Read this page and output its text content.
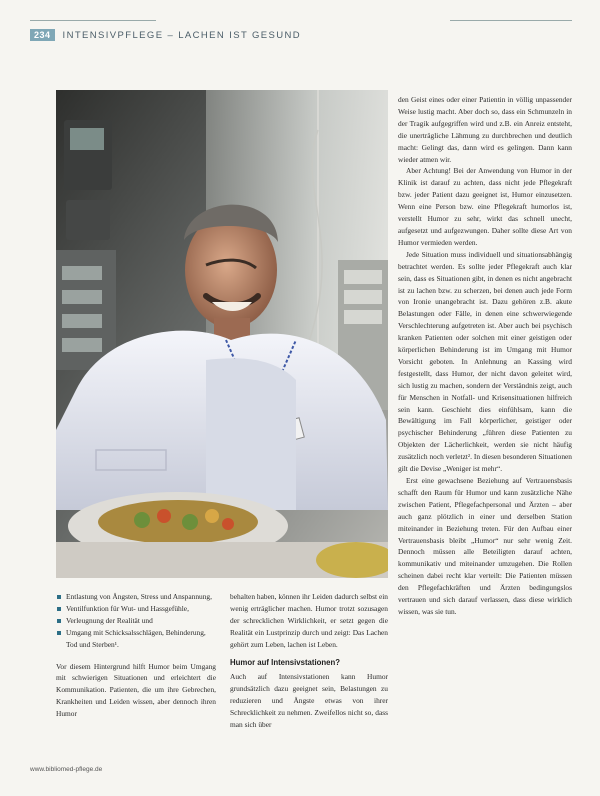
234	INTENSIVPFLEGE – LACHEN IST GESUND
Entlastung von Ängsten, Stress und Anspannung,
Ventilfunktion für Wut- und Hassgefühle,
Verleugnung der Realität und
Umgang mit Schicksalsschlägen, Behinderung, Tod und Sterben¹.

Vor diesem Hintergrund hilft Humor beim Umgang mit schwierigen Situationen und erleichtert die Kommunikation. Patienten, die um ihre Gebrechen, Krankheiten und Leiden wissen, aber dennoch ihren Humor

behalten haben, können ihr Leiden dadurch selbst ein wenig erträglicher machen. Humor trotzt sozusagen der schrecklichen Wirklichkeit, er setzt gegen die Realität ein Lustprinzip durch und zeigt: Das Lachen gehört zum Leben, lachen ist Leben.

Humor auf Intensivstationen?

Auch auf Intensivstationen kann Humor grundsätzlich dazu geeignet sein, Belastungen zu reduzieren und Ängste etwas von ihrer Schrecklichkeit zu nehmen. Zweifellos nicht so, dass man sich über

den Geist eines oder einer Patientin in völlig unpassender Weise lustig macht. Aber doch so, dass ein Schmunzeln in der Tragik aufgegriffen wird und z.B. ein Anreiz entsteht, die unerträgliche Lähmung zu durchbrechen und deutlich macht: Gelingt das, dann wird es gelingen. Dann kann wieder atmen wir.

Aber Achtung! Bei der Anwendung von Humor in der Klinik ist darauf zu achten, dass nicht jede Pflegekraft bzw. jeder Patient dazu geeignet ist, Humor einzusetzen. Wenn eine Person bzw. eine Pflegekraft humorlos ist, verstellt Humor zu sehr, wirkt das schnell unecht, aufgesetzt und aufgezwungen. Daher sollte diese Art von Humor vermieden werden.

Jede Situation muss individuell und situationsabhängig betrachtet werden. Es sollte jeder Pflegekraft auch klar sein, dass es Situationen gibt, in denen es nicht angebracht ist zu lachen bzw. zu scherzen, bei denen auch jede Form von Ironie unangebracht ist. Dazu gehören z.B. akute Belastungen oder Fälle, in denen eine schwerwiegende Verschlechterung aufgetreten ist. Aber auch bei psychisch kranken Patienten oder solchen mit einer geistigen oder körperlichen Behinderung ist im Umgang mit Humor Vorsicht geboten. In Anlehnung an Kassing wird festgestellt, dass Humor, der nicht davon geleitet wird, sich lustig zu machen, sondern der Verständnis zeigt, auch für Menschen in Notfall- und Krisensituationen hilfreich sein kann. Geschieht dies einfühlsam, kann die Bewältigung im Fall körperlicher, geistiger oder psychischer Behinderung „führen diese Patienten zu Objekten der Lächerlichkeit, werden sie nicht häufig zusätzlich noch verletzt². In diesen besonderen Situationen gilt die Devise „Weniger ist mehr“.

Erst eine gewachsene Beziehung auf Vertrauensbasis schafft den Raum für Humor und kann zusätzliche Nähe zwischen Patient, Pflegefachpersonal und Ärzten – aber auch ganz plötzlich in einer und derselben Station miteinander in Beziehung treten. Für den Aufbau einer Vertrauensbasis bleibt „Humor“ nur sehr wenig Zeit. Dennoch müssen alle Beteiligten darauf achten, kommunikativ und miteinander umzugehen. Die Rollen scheinen dabei recht klar verteilt: Die Patienten müssen den Pflegefachkräften und Ärzten bedingungslos vertrauen und sich darauf verlassen, dass diese wirklich wissen, was sie tun.

www.bibliomed-pflege.de
